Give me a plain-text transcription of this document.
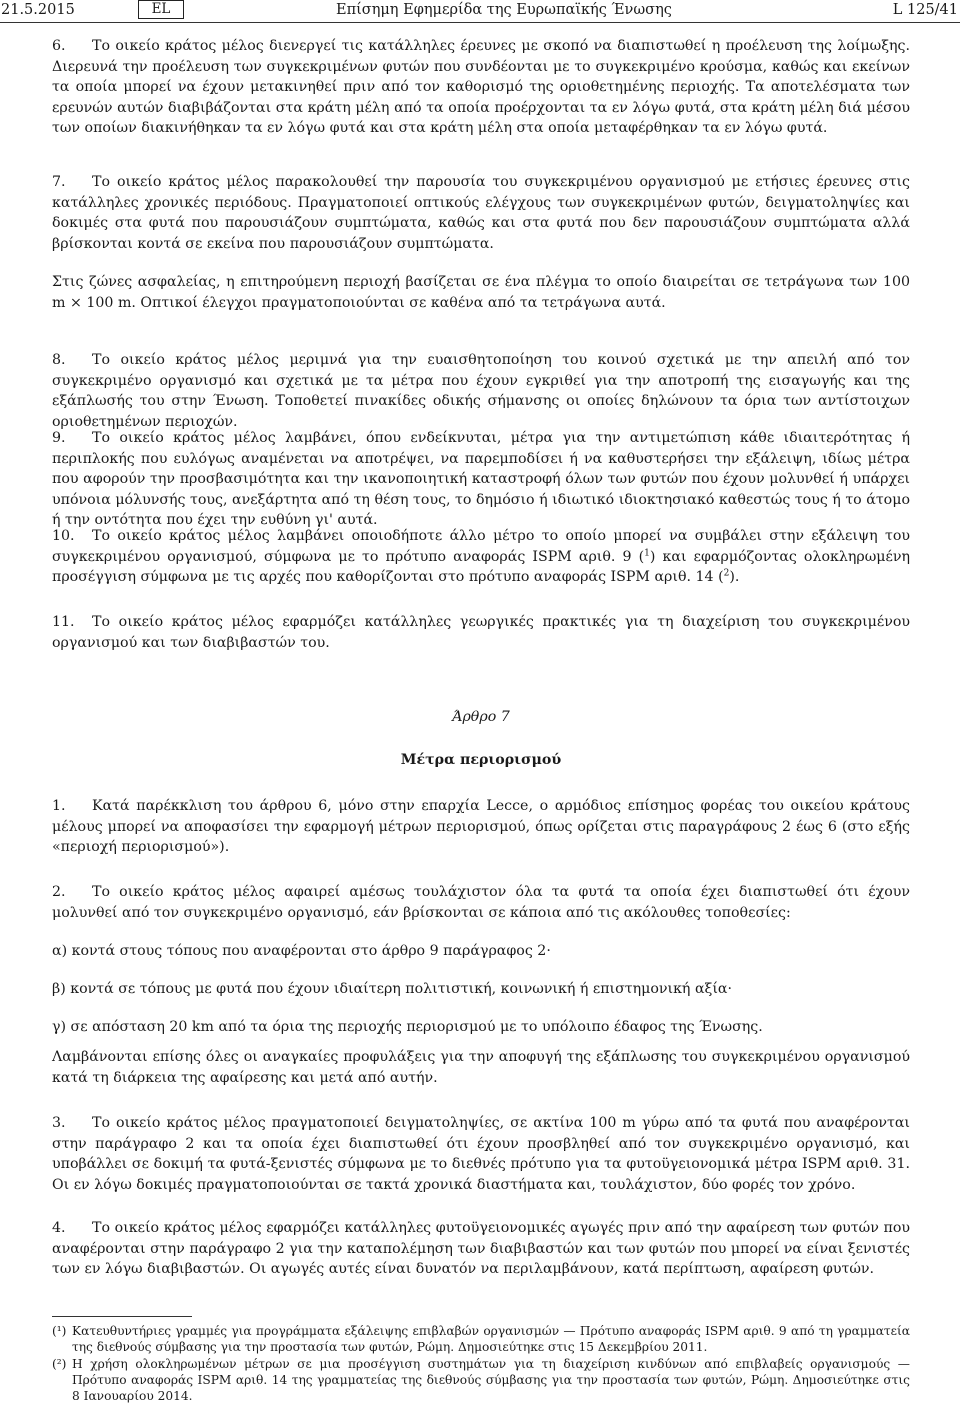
21.5.2015	EL	Επίσημη Εφημερίδα της Ευρωπαϊκής Ένωσης	L 125/41

6. Το οικείο κράτος μέλος διενεργεί τις κατάλληλες έρευνες με σκοπό να διαπιστωθεί η προέλευση της λοίμωξης. Διερευνά την προέλευση των συγκεκριμένων φυτών που συνδέονται με το συγκεκριμένο κρούσμα, καθώς και εκείνων τα οποία μπορεί να έχουν μετακινηθεί πριν από τον καθορισμό της οριοθετημένης περιοχής. Τα αποτελέσματα των ερευνών αυτών διαβιβάζονται στα κράτη μέλη από τα οποία προέρχονται τα εν λόγω φυτά, στα κράτη μέλη διά μέσου των οποίων διακινήθηκαν τα εν λόγω φυτά και στα κράτη μέλη στα οποία μεταφέρθηκαν τα εν λόγω φυτά.

7. Το οικείο κράτος μέλος παρακολουθεί την παρουσία του συγκεκριμένου οργανισμού με ετήσιες έρευνες στις κατάλληλες χρονικές περιόδους. Πραγματοποιεί οπτικούς ελέγχους των συγκεκριμένων φυτών, δειγματοληψίες και δοκιμές στα φυτά που παρουσιάζουν συμπτώματα, καθώς και στα φυτά που δεν παρουσιάζουν συμπτώματα αλλά βρίσκονται κοντά σε εκείνα που παρουσιάζουν συμπτώματα.

Στις ζώνες ασφαλείας, η επιτηρούμενη περιοχή βασίζεται σε ένα πλέγμα το οποίο διαιρείται σε τετράγωνα των 100 m × 100 m. Οπτικοί έλεγχοι πραγματοποιούνται σε καθένα από τα τετράγωνα αυτά.

8. Το οικείο κράτος μέλος μεριμνά για την ευαισθητοποίηση του κοινού σχετικά με την απειλή από τον συγκεκριμένο οργανισμό και σχετικά με τα μέτρα που έχουν εγκριθεί για την αποτροπή της εισαγωγής και της εξάπλωσής του στην Ένωση. Τοποθετεί πινακίδες οδικής σήμανσης οι οποίες δηλώνουν τα όρια των αντίστοιχων οριοθετημένων περιοχών.

9. Το οικείο κράτος μέλος λαμβάνει, όπου ενδείκνυται, μέτρα για την αντιμετώπιση κάθε ιδιαιτερότητας ή περιπλοκής που ευλόγως αναμένεται να αποτρέψει, να παρεμποδίσει ή να καθυστερήσει την εξάλειψη, ιδίως μέτρα που αφορούν την προσβασιμότητα και την ικανοποιητική καταστροφή όλων των φυτών που έχουν μολυνθεί ή υπάρχει υπόνοια μόλυνσής τους, ανεξάρτητα από τη θέση τους, το δημόσιο ή ιδιωτικό ιδιοκτησιακό καθεστώς τους ή το άτομο ή την οντότητα που έχει την ευθύνη γι' αυτά.

10. Το οικείο κράτος μέλος λαμβάνει οποιοδήποτε άλλο μέτρο το οποίο μπορεί να συμβάλει στην εξάλειψη του συγκεκριμένου οργανισμού, σύμφωνα με το πρότυπο αναφοράς ISPM αριθ. 9 ($^1$) και εφαρμόζοντας ολοκληρωμένη προσέγγιση σύμφωνα με τις αρχές που καθορίζονται στο πρότυπο αναφοράς ISPM αριθ. 14 ($^2$).

11. Το οικείο κράτος μέλος εφαρμόζει κατάλληλες γεωργικές πρακτικές για τη διαχείριση του συγκεκριμένου οργανισμού και των διαβιβαστών του.

Άρθρο 7
Μέτρα περιορισμού

1. Κατά παρέκκλιση του άρθρου 6, μόνο στην επαρχία Lecce, ο αρμόδιος επίσημος φορέας του οικείου κράτους μέλους μπορεί να αποφασίσει την εφαρμογή μέτρων περιορισμού, όπως ορίζεται στις παραγράφους 2 έως 6 (στο εξής «περιοχή περιορισμού»).

2. Το οικείο κράτος μέλος αφαιρεί αμέσως τουλάχιστον όλα τα φυτά τα οποία έχει διαπιστωθεί ότι έχουν μολυνθεί από τον συγκεκριμένο οργανισμό, εάν βρίσκονται σε κάποια από τις ακόλουθες τοποθεσίες:

α) κοντά στους τόπους που αναφέρονται στο άρθρο 9 παράγραφος 2·
β) κοντά σε τόπους με φυτά που έχουν ιδιαίτερη πολιτιστική, κοινωνική ή επιστημονική αξία·
γ) σε απόσταση 20 km από τα όρια της περιοχής περιορισμού με το υπόλοιπο έδαφος της Ένωσης.

Λαμβάνονται επίσης όλες οι αναγκαίες προφυλάξεις για την αποφυγή της εξάπλωσης του συγκεκριμένου οργανισμού κατά τη διάρκεια της αφαίρεσης και μετά από αυτήν.

3. Το οικείο κράτος μέλος πραγματοποιεί δειγματοληψίες, σε ακτίνα 100 m γύρω από τα φυτά που αναφέρονται στην παράγραφο 2 και τα οποία έχει διαπιστωθεί ότι έχουν προσβληθεί από τον συγκεκριμένο οργανισμό, και υποβάλλει σε δοκιμή τα φυτά-ξενιστές σύμφωνα με το διεθνές πρότυπο για τα φυτοϋγειονομικά μέτρα ISPM αριθ. 31. Οι εν λόγω δοκιμές πραγματοποιούνται σε τακτά χρονικά διαστήματα και, τουλάχιστον, δύο φορές τον χρόνο.

4. Το οικείο κράτος μέλος εφαρμόζει κατάλληλες φυτοϋγειονομικές αγωγές πριν από την αφαίρεση των φυτών που αναφέρονται στην παράγραφο 2 για την καταπολέμηση των διαβιβαστών και των φυτών που μπορεί να είναι ξενιστές των εν λόγω διαβιβαστών. Οι αγωγές αυτές είναι δυνατόν να περιλαμβάνουν, κατά περίπτωση, αφαίρεση φυτών.

(¹) Κατευθυντήριες γραμμές για προγράμματα εξάλειψης επιβλαβών οργανισμών — Πρότυπο αναφοράς ISPM αριθ. 9 από τη γραμματεία της διεθνούς σύμβασης για την προστασία των φυτών, Ρώμη. Δημοσιεύτηκε στις 15 Δεκεμβρίου 2011.
(²) Η χρήση ολοκληρωμένων μέτρων σε μια προσέγγιση συστημάτων για τη διαχείριση κινδύνων από επιβλαβείς οργανισμούς — Πρότυπο αναφοράς ISPM αριθ. 14 της γραμματείας της διεθνούς σύμβασης για την προστασία των φυτών, Ρώμη. Δημοσιεύτηκε στις 8 Ιανουαρίου 2014.
